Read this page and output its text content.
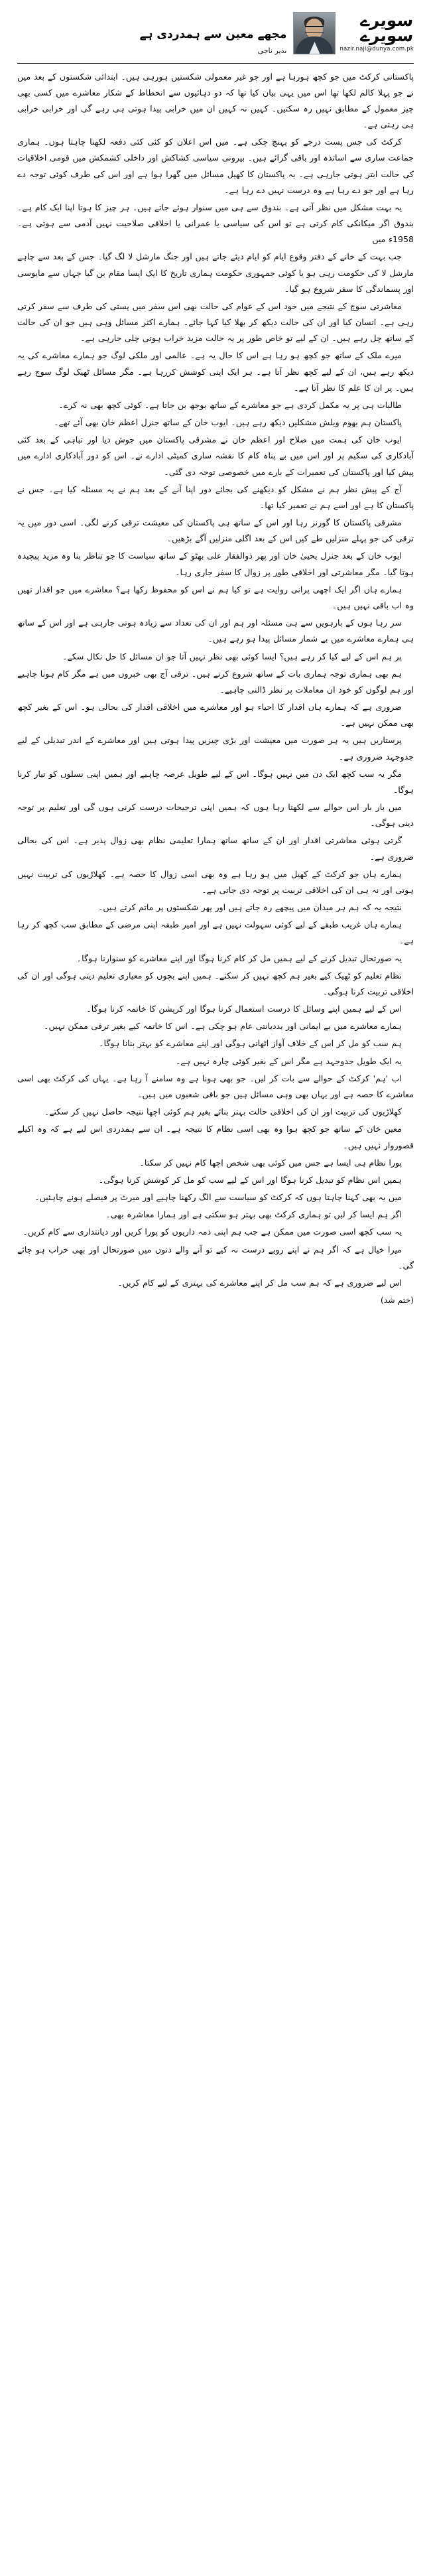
سویرے
سویرے
nazir.naji@dunya.com.pk
مجھے معین سے ہمدردی ہے
نذیر ناجی

پاکستانی کرکٹ میں جو کچھ ہورہا ہے اور جو غیر معمولی شکستیں ہورہی ہیں۔ ابتدائی شکستوں کے بعد میں نے جو پہلا کالم لکھا تھا اس میں یہی بیان کیا تھا کہ دو دہائیوں سے انحطاط کے شکار معاشرے میں کسی بھی چیز معمول کے مطابق نہیں رہ سکتیں۔ کہیں نہ کہیں ان میں خرابی پیدا ہوتی ہی رہے گی اور خرابی خرابی ہی رہتی ہے۔

کرکٹ کی جس پست درجے کو پہنچ چکی ہے۔ میں اس اعلان کو کئی کئی دفعہ لکھنا چاہتا ہوں۔ ہماری جماعت ساری سے اساتذہ اور باقی گرائے ہیں۔ بیرونی سیاسی کشاکش اور داخلی کشمکش میں قومی اخلاقیات کی حالت ابتر ہوتی جارہی ہے۔ یہ پاکستان کا کھیل مسائل میں گھرا ہوا ہے اور اس کی طرف کوئی توجہ دے رہا ہے اور جو دے رہا ہے وہ درست نہیں دے رہا ہے۔

یہ بہت مشکل میں نظر آتی ہے۔ بندوق سے ہی میں سنوار ہوئے جاتے ہیں۔ ہر چیز کا ہوتا اپنا ایک کام ہے۔ بندوق اگر میکانکی کام کرتی ہے تو اس کی سیاسی یا عمرانی یا اخلاقی صلاحیت نہیں آدمی سے ہوتی ہے۔ 1958ء میں

جب بہت کے خانے کے دفتر وقوع ایام کو ایام دیئے جاتے ہیں اور جنگ مارشل لا لگ گیا۔ جس کے بعد سے چاہے مارشل لا کی حکومت رہی ہو یا کوئی جمہوری حکومت ہماری تاریخ کا ایک ایسا مقام بن گیا جہاں سے مایوسی اور پسماندگی کا سفر شروع ہو گیا۔

معاشرتی سوچ کے نتیجے میں خود اس کے عوام کی حالت بھی اس سفر میں پستی کی طرف سے سفر کرتی رہی ہے۔ انسان کیا اور ان کی حالت دیکھ کر بھلا کیا کہا جائے۔ ہمارے اکثر مسائل وہی ہیں جو ان کی حالت کے ساتھ چل رہے ہیں۔ ان کے لیے تو خاص طور پر یہ حالت مزید خراب ہوتی چلی جارہی ہے۔

میرے ملک کے ساتھ جو کچھ ہو رہا ہے اس کا حال یہ ہے۔ عالمی اور ملکی لوگ جو ہمارے معاشرے کی یہ دیکھ رہے ہیں، ان کے لیے کچھ نظر آتا ہے۔ ہر ایک اپنی کوشش کررہا ہے۔ مگر مسائل ٹھیک لوگ سوچ رہے ہیں۔ پر ان کا علم کا نظر آتا ہے۔

طالبات ہی پر یہ مکمل کردی ہے جو معاشرے کے ساتھ بوجھ بن جاتا ہے۔ کوئی کچھ بھی نہ کرے۔

پاکستان ہم بھوم ویلش مشکلیں دیکھ رہے ہیں۔ ایوب خان کے ساتھ جنرل اعظم خان بھی آئے تھے۔

ایوب خان کی ہمت میں صلاح اور اعظم خان نے مشرقی پاکستان میں جوش دیا اور تباہی کے بعد کئی آبادکاری کی سکیم پر اور اس میں بے پناہ کام کا نقشہ ساری کمیٹی ادارے نے۔ اس کو دور آبادکاری ادارے میں پیش کیا اور پاکستان کی تعمیرات کے بارے میں خصوصی توجہ دی گئی۔

آج کے پیش نظر ہم نے مشکل کو دیکھنے کی بجائے دور اپنا آنے کے بعد ہم نے یہ مسئلہ کیا ہے۔ جس نے پاکستان کا ہے اور اسے ہم نے تعمیر کیا تھا۔

مشرقی پاکستان کا گورنر رہا اور اس کے ساتھ ہی پاکستان کی معیشت ترقی کرنے لگی۔ اسی دور میں یہ ترقی کی جو پہلے منزلیں طے کیں اس کے بعد اگلی منزلیں آگے بڑھیں۔

ایوب خان کے بعد جنرل یحییٰ خان اور پھر ذوالفقار علی بھٹو کے ساتھ سیاست کا جو تناظر بنا وہ مزید پیچیدہ ہوتا گیا۔ مگر معاشرتی اور اخلاقی طور پر زوال کا سفر جاری رہا۔

ہمارے ہاں اگر ایک اچھی پرانی روایت ہے تو کیا ہم نے اس کو محفوظ رکھا ہے؟ معاشرے میں جو اقدار تھیں وہ اب باقی نہیں ہیں۔

سر رہا ہوں کے بارہویں سے ہی مسئلہ اور ہم اور ان کی تعداد سے زیادہ ہوتی جارہی ہے اور اس کے ساتھ ہی ہمارے معاشرے میں بے شمار مسائل پیدا ہو رہے ہیں۔

پر ہم اس کے لیے کیا کر رہے ہیں؟ ایسا کوئی بھی نظر نہیں آتا جو ان مسائل کا حل نکال سکے۔

ہم بھی ہماری توجہ ہماری بات کے ساتھ شروع کرتے ہیں۔ ترقی آج بھی خبروں میں ہے مگر کام ہونا چاہیے اور ہم لوگوں کو خود ان معاملات پر نظر ڈالنی چاہیے۔

ضروری ہے کہ ہمارے ہاں اقدار کا احیاء ہو اور معاشرے میں اخلاقی اقدار کی بحالی ہو۔ اس کے بغیر کچھ بھی ممکن نہیں ہے۔

پرستاریں ہیں یہ ہر صورت میں معیشت اور بڑی چیزیں پیدا ہوتی ہیں اور معاشرے کے اندر تبدیلی کے لیے جدوجہد ضروری ہے۔

مگر یہ سب کچھ ایک دن میں نہیں ہوگا۔ اس کے لیے طویل عرصہ چاہیے اور ہمیں اپنی نسلوں کو تیار کرنا ہوگا۔

میں بار بار اس حوالے سے لکھتا رہا ہوں کہ ہمیں اپنی ترجیحات درست کرنی ہوں گی اور تعلیم پر توجہ دینی ہوگی۔

گرتی ہوئی معاشرتی اقدار اور ان کے ساتھ ساتھ ہمارا تعلیمی نظام بھی زوال پذیر ہے۔ اس کی بحالی ضروری ہے۔

ہمارے ہاں جو کرکٹ کے کھیل میں ہو رہا ہے وہ بھی اسی زوال کا حصہ ہے۔ کھلاڑیوں کی تربیت نہیں ہوتی اور نہ ہی ان کی اخلاقی تربیت پر توجہ دی جاتی ہے۔

نتیجہ یہ کہ ہم ہر میدان میں پیچھے رہ جاتے ہیں اور پھر شکستوں پر ماتم کرتے ہیں۔

ہمارے ہاں غریب طبقے کے لیے کوئی سہولت نہیں ہے اور امیر طبقہ اپنی مرضی کے مطابق سب کچھ کر رہا ہے۔

یہ صورتحال تبدیل کرنے کے لیے ہمیں مل کر کام کرنا ہوگا اور اپنے معاشرے کو سنوارنا ہوگا۔

نظام تعلیم کو ٹھیک کیے بغیر ہم کچھ نہیں کر سکتے۔ ہمیں اپنے بچوں کو معیاری تعلیم دینی ہوگی اور ان کی اخلاقی تربیت کرنا ہوگی۔

اس کے لیے ہمیں اپنے وسائل کا درست استعمال کرنا ہوگا اور کرپشن کا خاتمہ کرنا ہوگا۔

ہمارے معاشرے میں بے ایمانی اور بددیانتی عام ہو چکی ہے۔ اس کا خاتمہ کیے بغیر ترقی ممکن نہیں۔

ہم سب کو مل کر اس کے خلاف آواز اٹھانی ہوگی اور اپنے معاشرے کو بہتر بنانا ہوگا۔

یہ ایک طویل جدوجہد ہے مگر اس کے بغیر کوئی چارہ نہیں ہے۔

اب 'ہم' کرکٹ کے حوالے سے بات کر لیں۔ جو بھی ہونا ہے وہ سامنے آ رہا ہے۔ یہاں کی کرکٹ بھی اسی معاشرے کا حصہ ہے اور یہاں بھی وہی مسائل ہیں جو باقی شعبوں میں ہیں۔

کھلاڑیوں کی تربیت اور ان کی اخلاقی حالت بہتر بنائے بغیر ہم کوئی اچھا نتیجہ حاصل نہیں کر سکتے۔

معین خان کے ساتھ جو کچھ ہوا وہ بھی اسی نظام کا نتیجہ ہے۔ ان سے ہمدردی اس لیے ہے کہ وہ اکیلے قصوروار نہیں ہیں۔

پورا نظام ہی ایسا ہے جس میں کوئی بھی شخص اچھا کام نہیں کر سکتا۔

ہمیں اس نظام کو تبدیل کرنا ہوگا اور اس کے لیے سب کو مل کر کوشش کرنا ہوگی۔

میں یہ بھی کہنا چاہتا ہوں کہ کرکٹ کو سیاست سے الگ رکھنا چاہیے اور میرٹ پر فیصلے ہونے چاہئیں۔

اگر ہم ایسا کر لیں تو ہماری کرکٹ بھی بہتر ہو سکتی ہے اور ہمارا معاشرہ بھی۔

یہ سب کچھ اسی صورت میں ممکن ہے جب ہم اپنی ذمہ داریوں کو پورا کریں اور دیانتداری سے کام کریں۔

میرا خیال ہے کہ اگر ہم نے اپنے رویے درست نہ کیے تو آنے والے دنوں میں صورتحال اور بھی خراب ہو جائے گی۔

اس لیے ضروری ہے کہ ہم سب مل کر اپنے معاشرے کی بہتری کے لیے کام کریں۔

(ختم شد)
